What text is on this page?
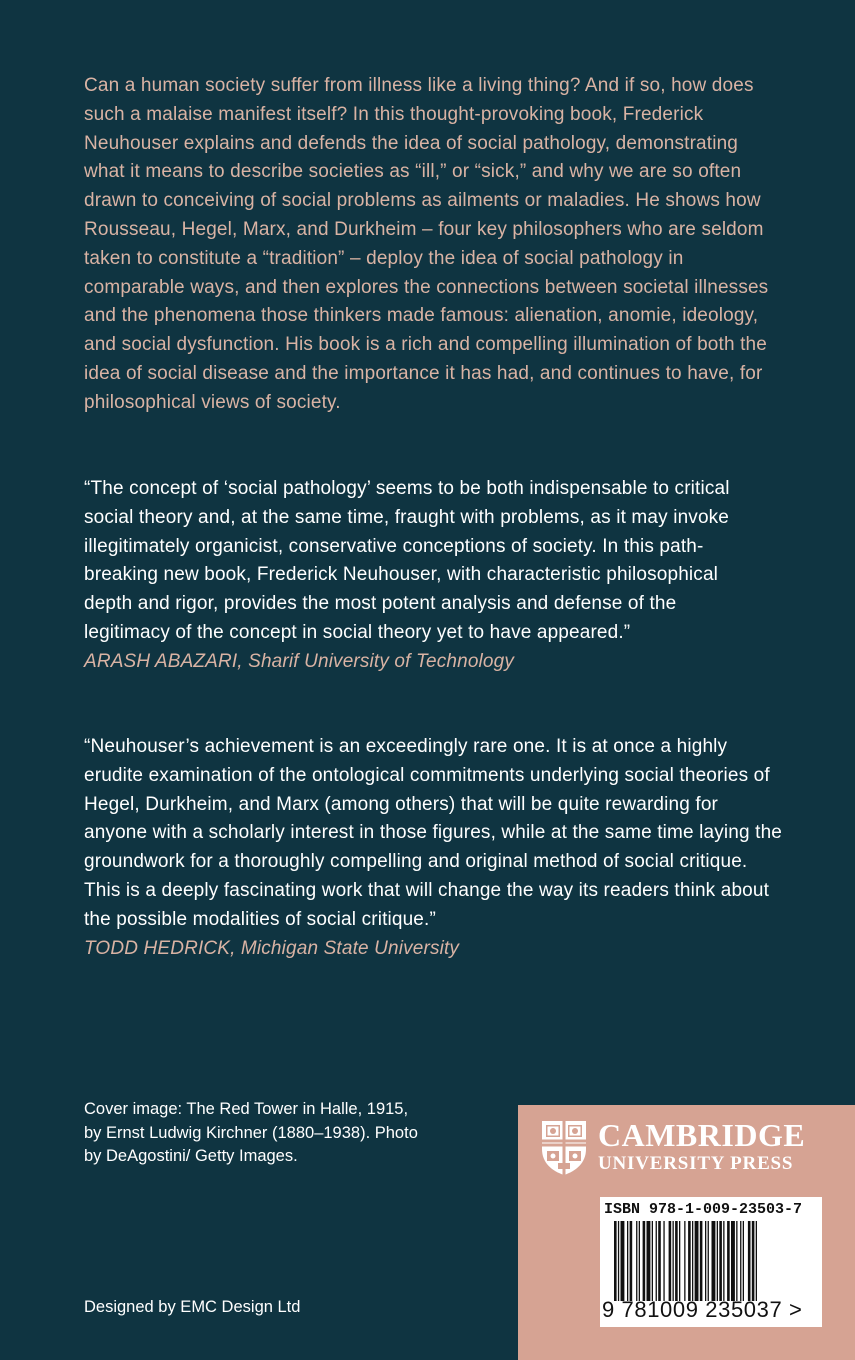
Can a human society suffer from illness like a living thing? And if so, how does such a malaise manifest itself? In this thought-provoking book, Frederick Neuhouser explains and defends the idea of social pathology, demonstrating what it means to describe societies as “ill,” or “sick,” and why we are so often drawn to conceiving of social problems as ailments or maladies. He shows how Rousseau, Hegel, Marx, and Durkheim – four key philosophers who are seldom taken to constitute a “tradition” – deploy the idea of social pathology in comparable ways, and then explores the connections between societal illnesses and the phenomena those thinkers made famous: alienation, anomie, ideology, and social dysfunction. His book is a rich and compelling illumination of both the idea of social disease and the importance it has had, and continues to have, for philosophical views of society.

“The concept of ‘social pathology’ seems to be both indispensable to critical social theory and, at the same time, fraught with problems, as it may invoke illegitimately organicist, conservative conceptions of society. In this path-breaking new book, Frederick Neuhouser, with characteristic philosophical depth and rigor, provides the most potent analysis and defense of the legitimacy of the concept in social theory yet to have appeared.”
ARASH ABAZARI, Sharif University of Technology
“Neuhouser’s achievement is an exceedingly rare one. It is at once a highly erudite examination of the ontological commitments underlying social theories of Hegel, Durkheim, and Marx (among others) that will be quite rewarding for anyone with a scholarly interest in those figures, while at the same time laying the groundwork for a thoroughly compelling and original method of social critique. This is a deeply fascinating work that will change the way its readers think about the possible modalities of social critique.”
TODD HEDRICK, Michigan State University

Cover image: The Red Tower in Halle, 1915, by Ernst Ludwig Kirchner (1880–1938). Photo by DeAgostini/ Getty Images.

Designed by EMC Design Ltd

CAMBRIDGE
UNIVERSITY PRESS
ISBN 978-1-009-23503-7
9 781009 235037 >
